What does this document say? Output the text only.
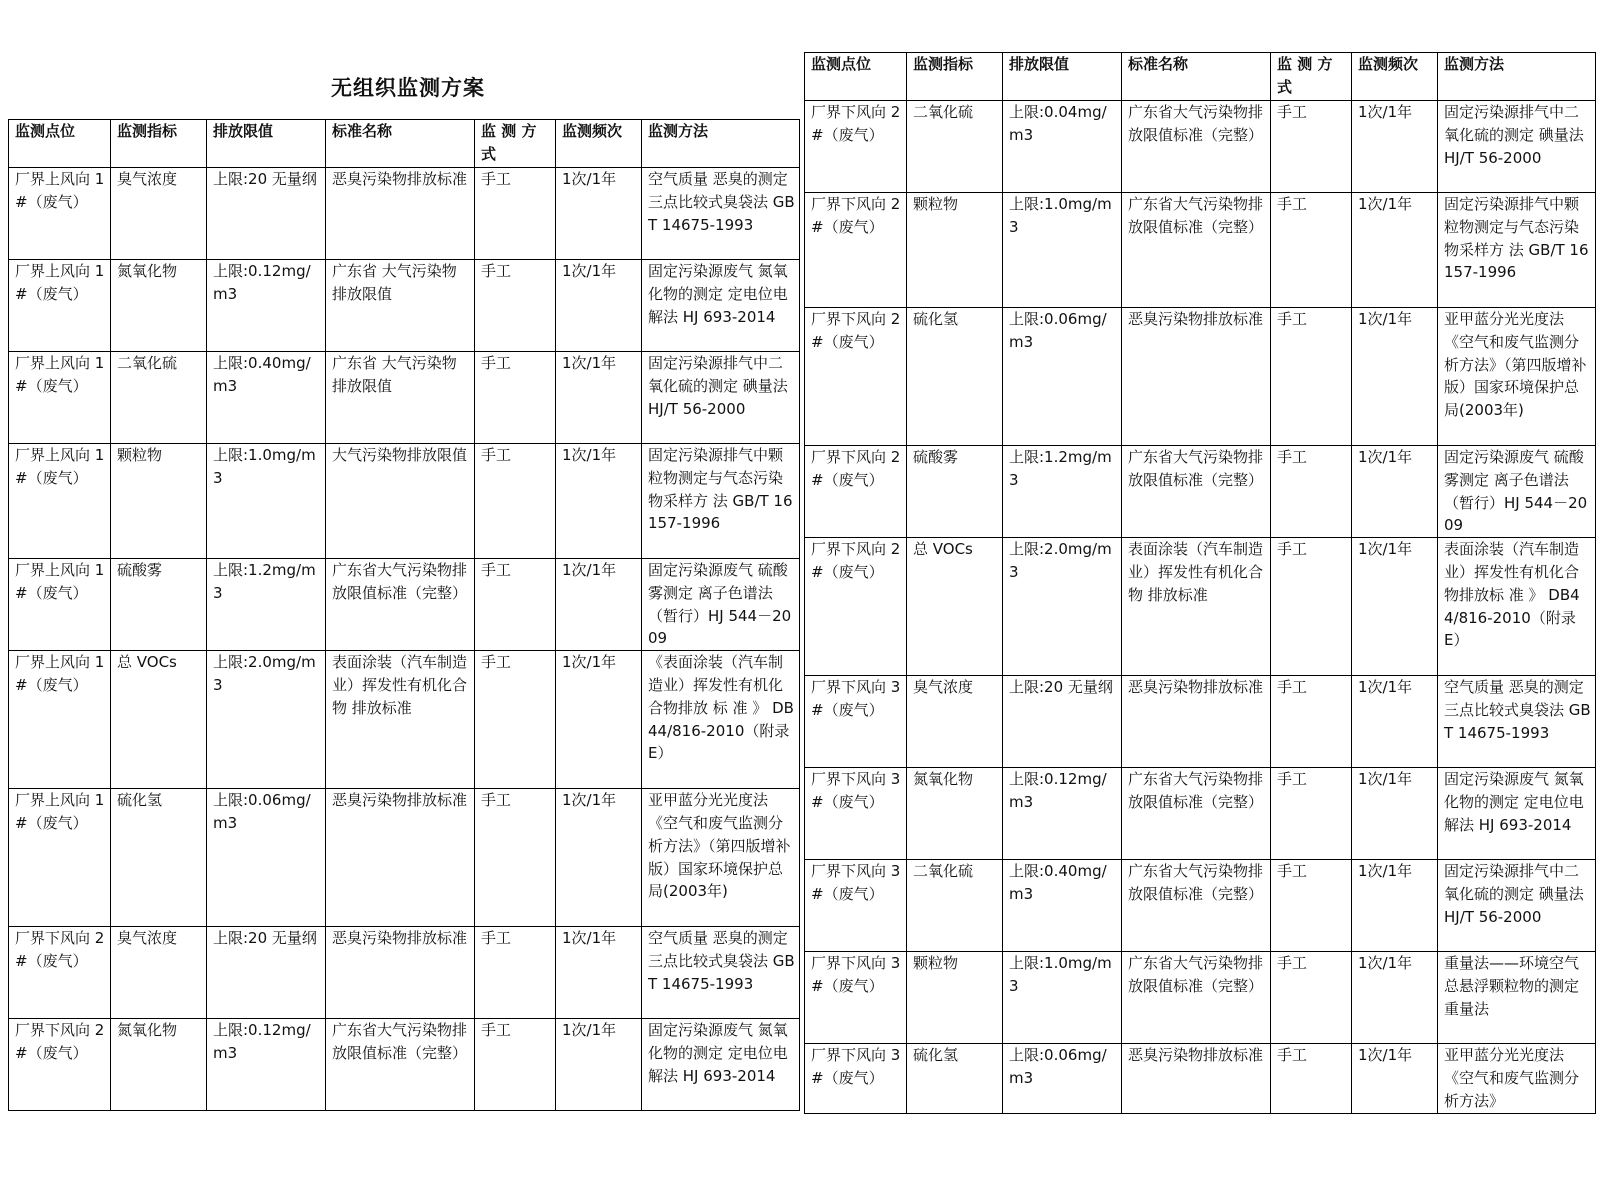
无组织监测方案
监测点位	监测指标	排放限值	标准名称	监 测 方式	监测频次	监测方法
厂界上风向 1#（废气）	臭气浓度	上限:20 无量纲	恶臭污染物排放标准	手工	1次/1年	空气质量 恶臭的测定 三点比较式臭袋法 GB T 14675-1993
厂界上风向 1#（废气）	氮氧化物	上限:0.12mg/m3	广东省 大气污染物排放限值	手工	1次/1年	固定污染源废气 氮氧化物的测定 定电位电解法 HJ 693-2014
厂界上风向 1#（废气）	二氧化硫	上限:0.40mg/m3	广东省 大气污染物排放限值	手工	1次/1年	固定污染源排气中二氧化硫的测定 碘量法 HJ/T 56-2000
厂界上风向 1#（废气）	颗粒物	上限:1.0mg/m3	大气污染物排放限值	手工	1次/1年	固定污染源排气中颗粒物测定与气态污染物采样方 法 GB/T 16157-1996
厂界上风向 1#（废气）	硫酸雾	上限:1.2mg/m3	广东省大气污染物排放限值标准（完整）	手工	1次/1年	固定污染源废气 硫酸雾测定 离子色谱法（暂行）HJ 544－2009
厂界上风向 1#（废气）	总 VOCs	上限:2.0mg/m3	表面涂装（汽车制造业）挥发性有机化合物 排放标准	手工	1次/1年	《表面涂装（汽车制造业）挥发性有机化合物排放 标 准 》 DB44/816-2010（附录 E）
厂界上风向 1#（废气）	硫化氢	上限:0.06mg/m3	恶臭污染物排放标准	手工	1次/1年	亚甲蓝分光光度法《空气和废气监测分析方法》（第四版增补版）国家环境保护总局(2003年)
厂界下风向 2#（废气）	臭气浓度	上限:20 无量纲	恶臭污染物排放标准	手工	1次/1年	空气质量 恶臭的测定 三点比较式臭袋法 GB T 14675-1993
厂界下风向 2#（废气）	氮氧化物	上限:0.12mg/m3	广东省大气污染物排放限值标准（完整）	手工	1次/1年	固定污染源废气 氮氧化物的测定 定电位电解法 HJ 693-2014
监测点位	监测指标	排放限值	标准名称	监 测 方式	监测频次	监测方法
厂界下风向 2#（废气）	二氧化硫	上限:0.04mg/m3	广东省大气污染物排放限值标准（完整）	手工	1次/1年	固定污染源排气中二氧化硫的测定 碘量法 HJ/T 56-2000
厂界下风向 2#（废气）	颗粒物	上限:1.0mg/m3	广东省大气污染物排放限值标准（完整）	手工	1次/1年	固定污染源排气中颗粒物测定与气态污染物采样方 法 GB/T 16157-1996
厂界下风向 2#（废气）	硫化氢	上限:0.06mg/m3	恶臭污染物排放标准	手工	1次/1年	亚甲蓝分光光度法《空气和废气监测分析方法》（第四版增补版）国家环境保护总局(2003年)
厂界下风向 2#（废气）	硫酸雾	上限:1.2mg/m3	广东省大气污染物排放限值标准（完整）	手工	1次/1年	固定污染源废气 硫酸雾测定 离子色谱法（暂行）HJ 544－2009
厂界下风向 2#（废气）	总 VOCs	上限:2.0mg/m3	表面涂装（汽车制造业）挥发性有机化合物 排放标准	手工	1次/1年	表面涂装（汽车制造业）挥发性有机化合物排放标 准 》 DB44/816-2010（附录 E）
厂界下风向 3#（废气）	臭气浓度	上限:20 无量纲	恶臭污染物排放标准	手工	1次/1年	空气质量 恶臭的测定 三点比较式臭袋法 GB T 14675-1993
厂界下风向 3#（废气）	氮氧化物	上限:0.12mg/m3	广东省大气污染物排放限值标准（完整）	手工	1次/1年	固定污染源废气 氮氧化物的测定 定电位电解法 HJ 693-2014
厂界下风向 3#（废气）	二氧化硫	上限:0.40mg/m3	广东省大气污染物排放限值标准（完整）	手工	1次/1年	固定污染源排气中二氧化硫的测定 碘量法 HJ/T 56-2000
厂界下风向 3#（废气）	颗粒物	上限:1.0mg/m3	广东省大气污染物排放限值标准（完整）	手工	1次/1年	重量法——环境空气 总悬浮颗粒物的测定 重量法
厂界下风向 3#（废气）	硫化氢	上限:0.06mg/m3	恶臭污染物排放标准	手工	1次/1年	亚甲蓝分光光度法《空气和废气监测分析方法》
